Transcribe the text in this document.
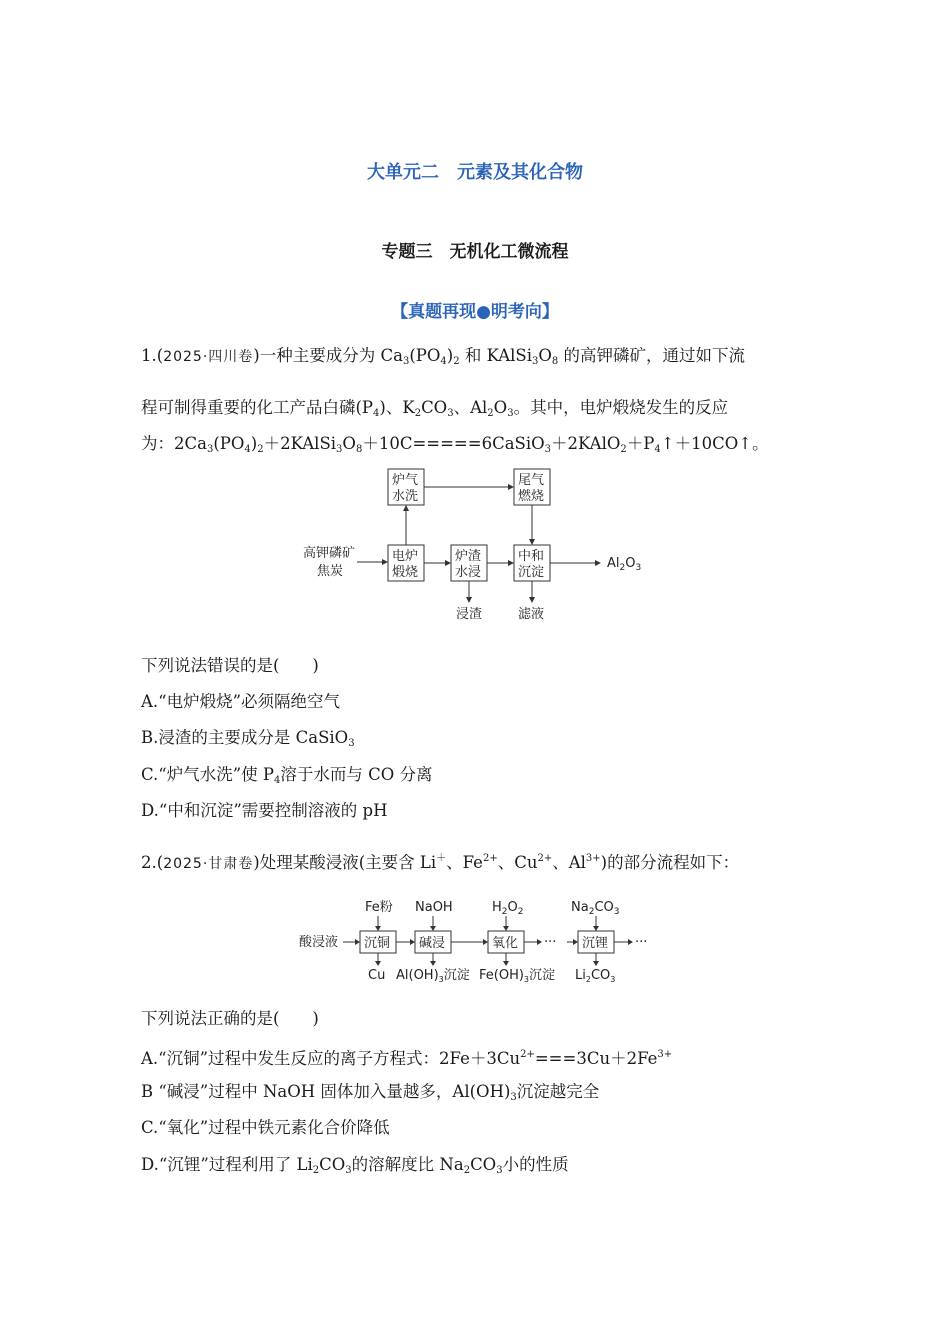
大单元二　元素及其化合物
专题三　无机化工微流程
【真题再现●明考向】
1.(2025·四川卷)一种主要成分为 $Ca_3(PO_4)_2$ 和 $KAlSi_3O_8$ 的高钾磷矿，通过如下流
程可制得重要的化工产品白磷$(P_4)$、$K_2CO_3$、$Al_2O_3$。其中，电炉煅烧发生的反应
为：$2Ca_3(PO_4)_2+2KAlSi_3O_8+10C=====6CaSiO_3+2KAlO_2+P_4↑+10CO↑$。
高钾磷矿
焦炭
电炉
煅烧
炉气
水洗
尾气
燃烧
炉渣
水浸
中和
沉淀
$Al_2O_3$
浸渣	滤液
下列说法错误的是(　　)
A.“电炉煅烧”必须隔绝空气
B.浸渣的主要成分是 CaSiO$_3$
C.“炉气水洗”使 $P_4$溶于水而与 CO 分离
D.“中和沉淀”需要控制溶液的 pH
2.(2025·甘肃卷)处理某酸浸液(主要含 Li＋、$Fe^{2+}$、$Cu^{2+}$、$Al^{3+}$)的部分流程如下：
Fe粉 NaOH	$H_2O_2$	$Na_2CO_3$
酸浸液 沉铜 碱浸	氧化 ··· 沉锂 ···
Cu $Al(OH)_3$沉淀 $Fe(OH)_3$沉淀 $Li_2CO_3$
下列说法正确的是(　　)
A.“沉铜”过程中发生反应的离子方程式：$2Fe+3Cu^{2+}===3Cu+2Fe^{3+}$
B “碱浸”过程中 NaOH 固体加入量越多，$Al(OH)_3$沉淀越完全
C.“氧化”过程中铁元素化合价降低
D.“沉锂”过程利用了 $Li_2CO_3$的溶解度比 $Na_2CO_3$小的性质
